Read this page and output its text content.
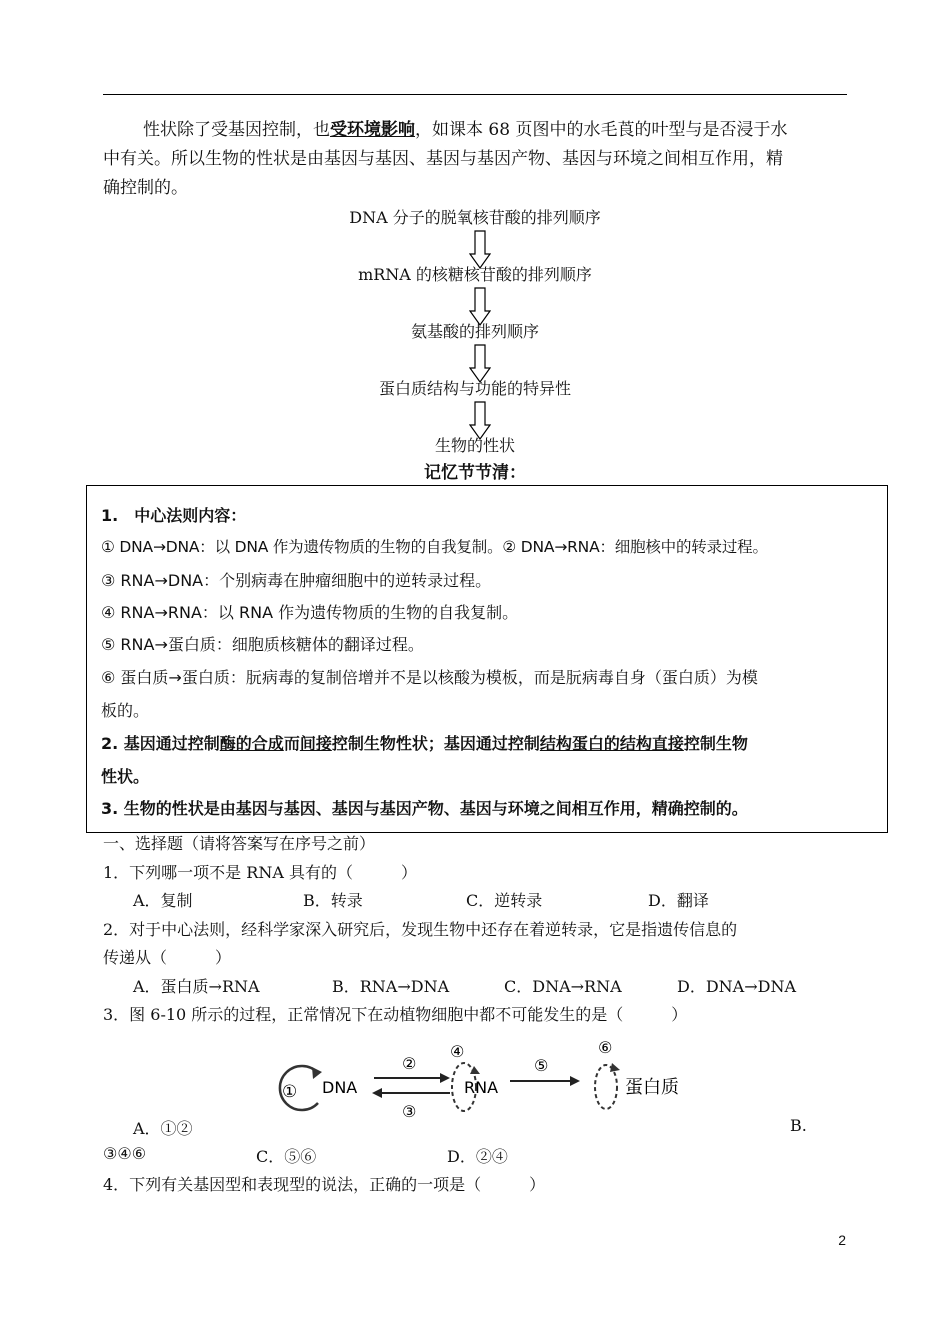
性状除了受基因控制，也受环境影响，如课本 68 页图中的水毛莨的叶型与是否浸于水
中有关。所以生物的性状是由基因与基因、基因与基因产物、基因与环境之间相互作用，精
确控制的。
DNA 分子的脱氧核苷酸的排列顺序
mRNA 的核糖核苷酸的排列顺序
氨基酸的排列顺序
蛋白质结构与功能的特异性
生物的性状
记忆节节清：
1.　中心法则内容：
① DNA→DNA：以 DNA 作为遗传物质的生物的自我复制。② DNA→RNA：细胞核中的转录过程。
③ RNA→DNA：个别病毒在肿瘤细胞中的逆转录过程。
④ RNA→RNA：以 RNA 作为遗传物质的生物的自我复制。
⑤ RNA→蛋白质：细胞质核糖体的翻译过程。
⑥ 蛋白质→蛋白质：朊病毒的复制倍增并不是以核酸为模板，而是朊病毒自身（蛋白质）为模
板的。
2. 基因通过控制酶的合成而间接控制生物性状；基因通过控制结构蛋白的结构直接控制生物
性状。
3. 生物的性状是由基因与基因、基因与基因产物、基因与环境之间相互作用，精确控制的。
一、选择题（请将答案写在序号之前）
1．下列哪一项不是 RNA 具有的（　　　）
A．复制	B．转录	C．逆转录	D．翻译
2．对于中心法则，经科学家深入研究后，发现生物中还存在着逆转录，它是指遗传信息的
传递从（　　　）
A．蛋白质→RNA	B．RNA→DNA	C．DNA→RNA	D．DNA→DNA
3．图 6-10 所示的过程，正常情况下在动植物细胞中都不可能发生的是（　　　）
① DNA
②
③
④
RNA
⑤
⑥
蛋白质
A．①②	B.
③④⑥	C．⑤⑥	D．②④
4．下列有关基因型和表现型的说法，正确的一项是（　　　）
2
